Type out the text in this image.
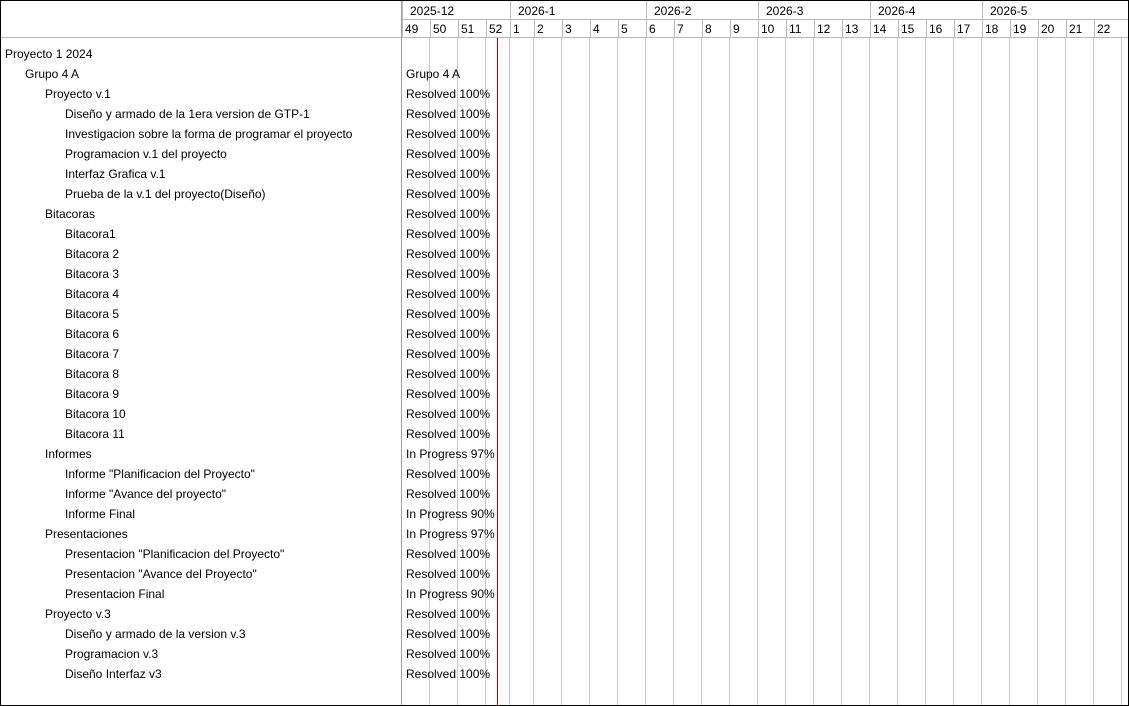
49	50	51	52 1	2	3	4	5	6	7	8	9	10	11	12	13	14	15	16	17	18	19	20	21	22
2025-12	2026-1	2026-2	2026-3	2026-4	2026-5
Proyecto 1 2024
Grupo 4 A	Grupo 4 A
Proyecto v.1	Resolved 100%
Diseño y armado de la 1era version de GTP-1	Resolved 100%
Investigacion sobre la forma de programar el proyecto	Resolved 100%
Programacion v.1 del proyecto	Resolved 100%
Interfaz Grafica v.1	Resolved 100%
Prueba de la v.1 del proyecto(Diseño)	Resolved 100%
Bitacoras	Resolved 100%
Bitacora1	Resolved 100%
Bitacora 2	Resolved 100%
Bitacora 3	Resolved 100%
Bitacora 4	Resolved 100%
Bitacora 5	Resolved 100%
Bitacora 6	Resolved 100%
Bitacora 7	Resolved 100%
Bitacora 8	Resolved 100%
Bitacora 9	Resolved 100%
Bitacora 10	Resolved 100%
Bitacora 11	Resolved 100%
Informes	In Progress 97%
Informe "Planificacion del Proyecto"	Resolved 100%
Informe "Avance del proyecto"	Resolved 100%
Informe Final	In Progress 90%
Presentaciones	In Progress 97%
Presentacion "Planificacion del Proyecto"	Resolved 100%
Presentacion "Avance del Proyecto"	Resolved 100%
Presentacion Final	In Progress 90%
Proyecto v.3	Resolved 100%
Diseño y armado de la version v.3	Resolved 100%
Programacion v.3	Resolved 100%
Diseño Interfaz v3	Resolved 100%
